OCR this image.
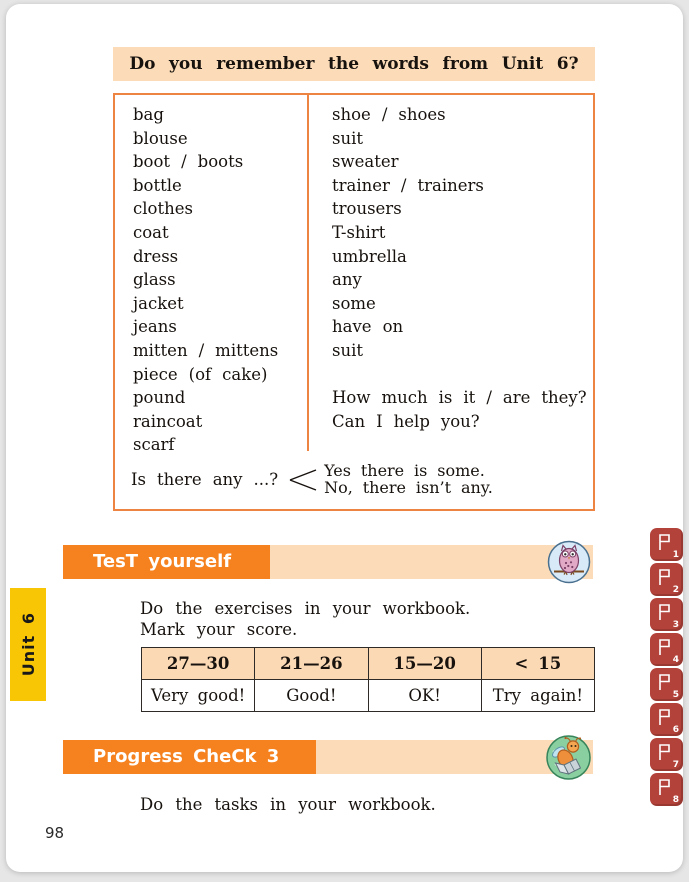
Do you remember the words from Unit 6?
bag
blouse
boot / boots
bottle
clothes
coat
dress
glass
jacket
jeans
mitten / mittens
piece (of cake)
pound
raincoat
scarf
shoe / shoes
suit
sweater
trainer / trainers
trousers
T-shirt
umbrella
any
some
have on
suit
How much is it / are they?
Can I help you?
Is there any ...?	Yes there is some.
No, there isn’t any.
TesT yourself
Do the exercises in your workbook.
Mark your score.
27—30	21—26	15—20	< 15
Very good!	Good!	OK!	Try again!
Progress CheCk 3
Do the tasks in your workbook.
98
Unit 6
1
2
3
4
5
6
7
8
